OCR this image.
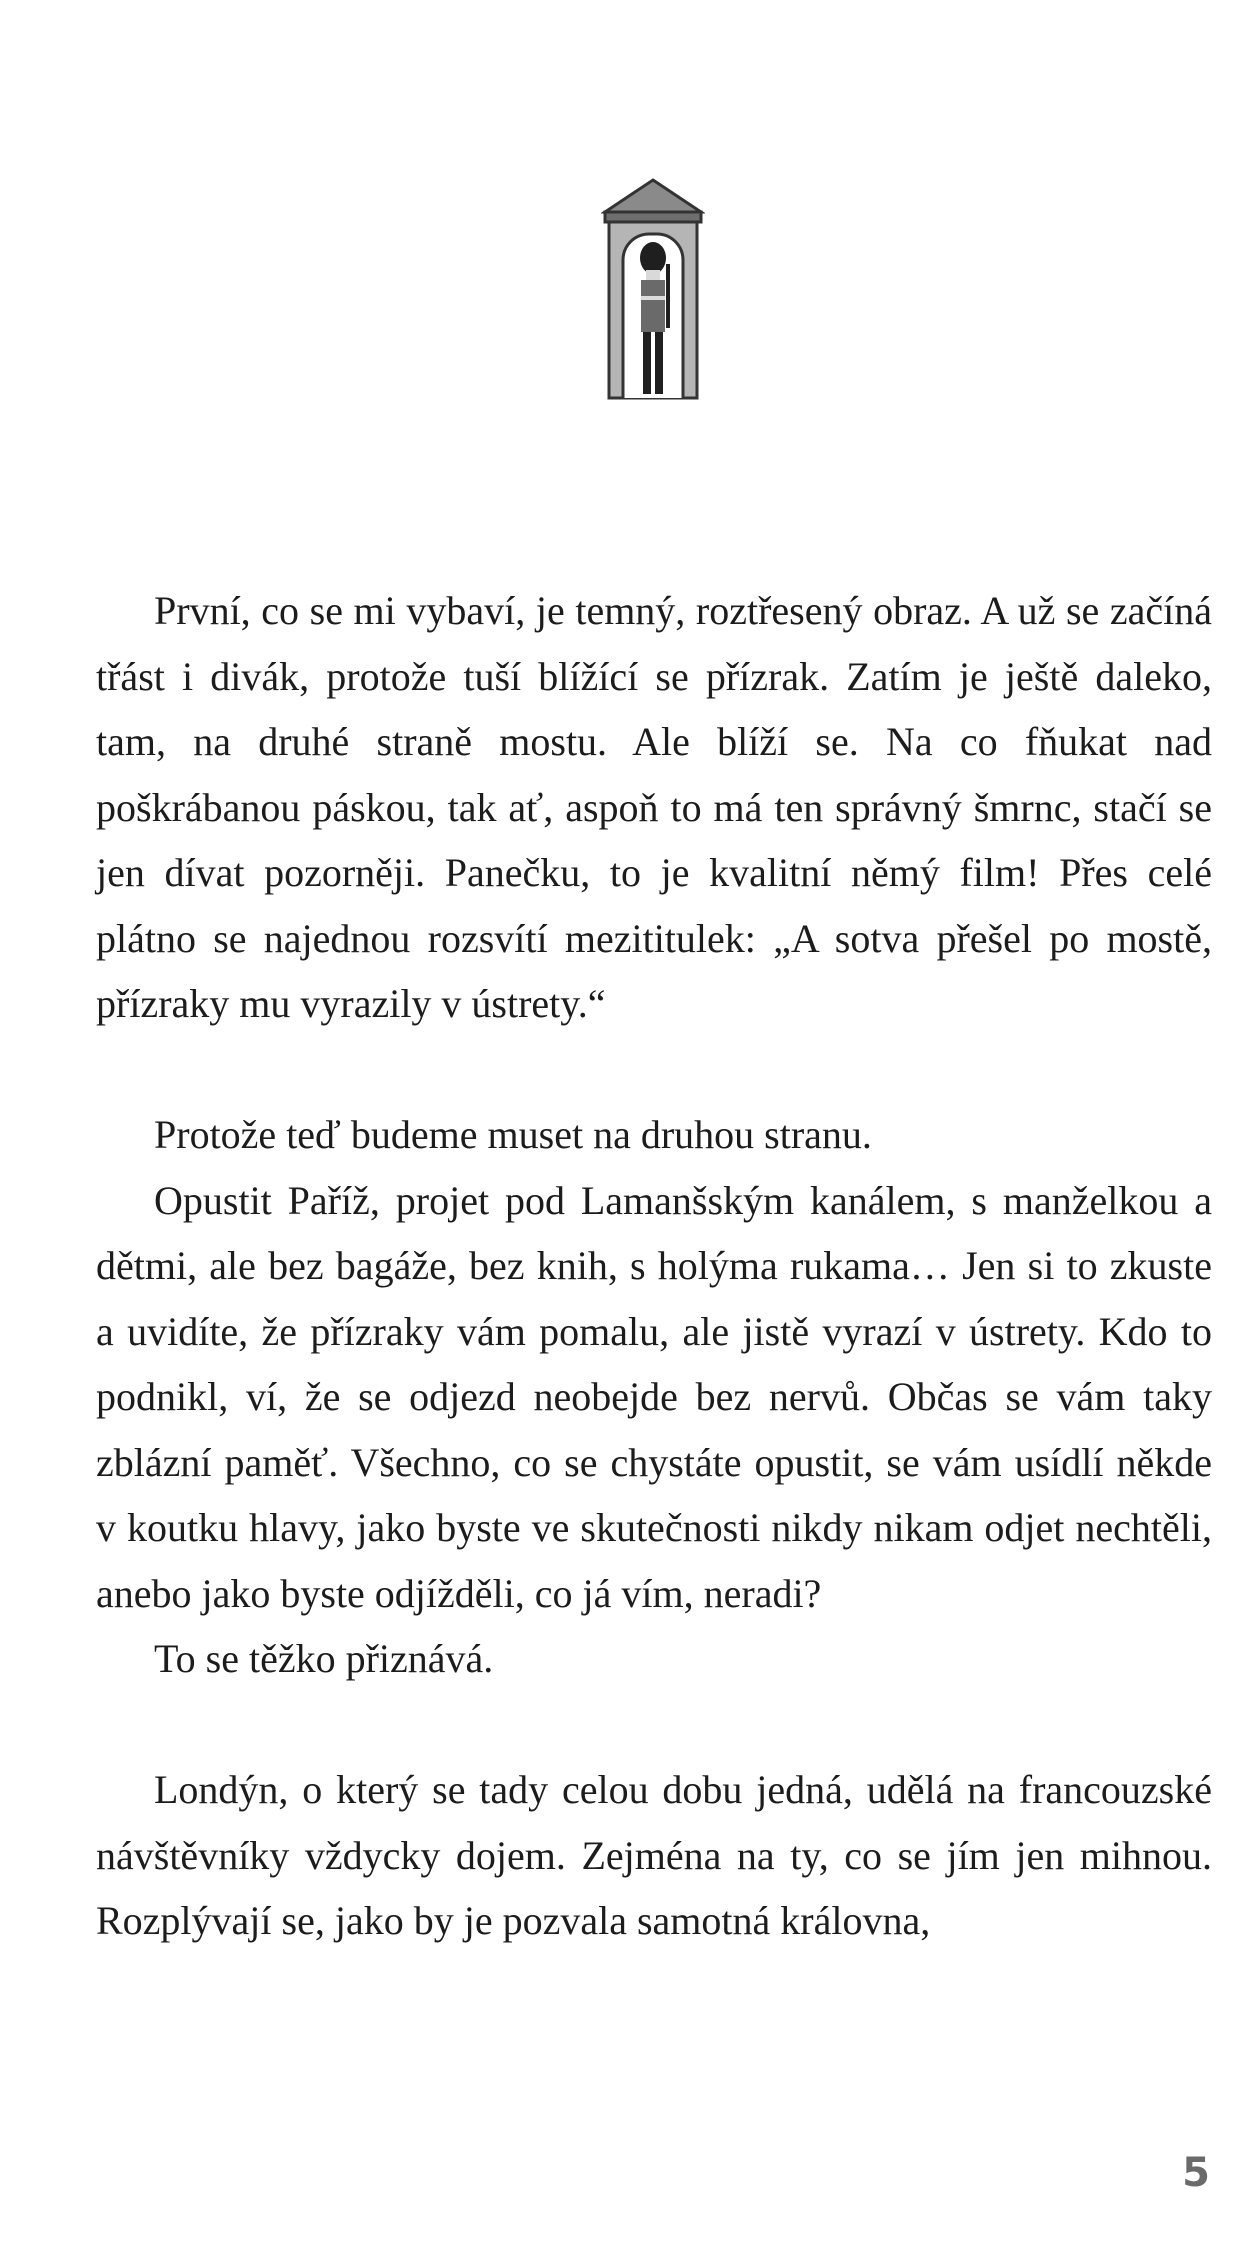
První, co se mi vybaví, je temný, roztřesený obraz. A už se začíná třást i divák, protože tuší blížící se přízrak. Zatím je ještě daleko, tam, na druhé straně mostu. Ale blíží se. Na co fňukat nad poškrábanou páskou, tak ať, aspoň to má ten správný šmrnc, stačí se jen dívat pozorněji. Panečku, to je kvalitní němý film! Přes celé plátno se najednou rozsvítí mezititulek: „A sotva přešel po mostě, přízraky mu vyrazily v ústrety.“

Protože teď budeme muset na druhou stranu.

Opustit Paříž, projet pod Lamanšským kanálem, s manželkou a dětmi, ale bez bagáže, bez knih, s holýma rukama… Jen si to zkuste a uvidíte, že přízraky vám pomalu, ale jistě vyrazí v ústrety. Kdo to podnikl, ví, že se odjezd neobejde bez nervů. Občas se vám taky zblázní paměť. Všechno, co se chystáte opustit, se vám usídlí někde v koutku hlavy, jako byste ve skutečnosti nikdy nikam odjet nechtěli, anebo jako byste odjížděli, co já vím, neradi?

To se těžko přiznává.

Londýn, o který se tady celou dobu jedná, udělá na francouzské návštěvníky vždycky dojem. Zejména na ty, co se jím jen mihnou. Rozplývají se, jako by je pozvala samotná královna,

5
